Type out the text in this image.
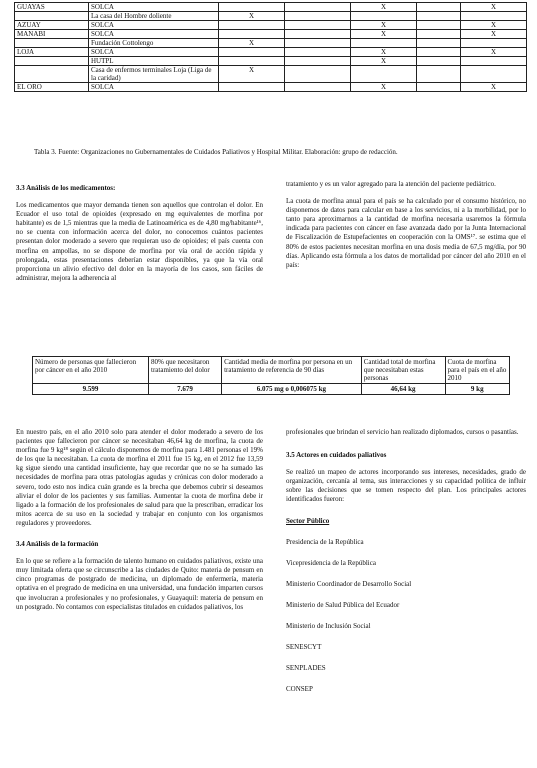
GUAYAS	SOLCA			X		X
	La casa del Hombre doliente	X				
AZUAY	SOLCA			X		X
MANABI	SOLCA			X		X
	Fundación Cottolengo	X				
LOJA	SOLCA			X		X
	HUTPL			X		
	Casa de enfermos terminales Loja (Liga de la caridad)	X				
EL ORO	SOLCA			X		X

Tabla 3. Fuente: Organizaciones no Gubernamentales de Cuidados Paliativos y Hospital Militar. Elaboración: grupo de redacción.

3.3 Análisis de los medicamentos:

Los medicamentos que mayor demanda tienen son aquellos que controlan el dolor. En Ecuador el uso total de opioides (expresado en mg equivalentes de morfina por habitante) es de 1,5 mientras que la media de Latinoamérica es de 4,80 mg/habitante¹⁶, no se cuenta con información acerca del dolor, no conocemos cuántos pacientes presentan dolor moderado a severo que requieran uso de opioides; el país cuenta con morfina en ampollas, no se dispone de morfina por vía oral de acción rápida y prolongada, estas presentaciones deberían estar disponibles, ya que la vía oral proporciona un alivio efectivo del dolor en la mayoría de los casos, son fáciles de administrar, mejora la adherencia al

tratamiento y es un valor agregado para la atención del paciente pediátrico.

La cuota de morfina anual para el país se ha calculado por el consumo histórico, no disponemos de datos para calcular en base a los servicios, ni a la morbilidad, por lo tanto para aproximarnos a la cantidad de morfina necesaria usaremos la fórmula indicada para pacientes con cáncer en fase avanzada dado por la Junta Internacional de Fiscalización de Estupefacientes en cooperación con la OMS¹⁷. se estima que el 80% de estos pacientes necesitan morfina en una dosis media de 67,5 mg/día, por 90 días. Aplicando esta fórmula a los datos de mortalidad por cáncer del año 2010 en el país:

Número de personas que fallecieron por cáncer en el año 2010	80% que necesitaron tratamiento del dolor	Cantidad media de morfina por persona en un tratamiento de referencia de 90 días	Cantidad total de morfina que necesitaban estas personas	Cuota de morfina para el país en el año 2010
9.599	7.679	6.075 mg o 0,006075 kg	46,64 kg	9 kg

En nuestro país, en el año 2010 solo para atender el dolor moderado a severo de los pacientes que fallecieron por cáncer se necesitaban 46,64 kg de morfina, la cuota de morfina fue 9 kg¹⁸ según el cálculo disponemos de morfina para 1.481 personas el 19% de los que la necesitaban. La cuota de morfina el 2011 fue 15 kg, en el 2012 fue 13,59 kg sigue siendo una cantidad insuficiente, hay que recordar que no se ha sumado las necesidades de morfina para otras patologías agudas y crónicas con dolor moderado a severo, todo esto nos indica cuán grande es la brecha que debemos cubrir si deseamos aliviar el dolor de los pacientes y sus familias. Aumentar la cuota de morfina debe ir ligado a la formación de los profesionales de salud para que la prescriban, erradicar los mitos acerca de su uso en la sociedad y trabajar en conjunto con los organismos reguladores y proveedores.

3.4 Análisis de la formación

En lo que se refiere a la formación de talento humano en cuidados paliativos, existe una muy limitada oferta que se circunscribe a las ciudades de Quito: materia de pensum en cinco programas de postgrado de medicina, un diplomado de enfermería, materia optativa en el pregrado de medicina en una universidad, una fundación imparten cursos que involucran a profesionales y no profesionales, y Guayaquil: materia de pensum en un postgrado. No contamos con especialistas titulados en cuidados paliativos, los

profesionales que brindan el servicio han realizado diplomados, cursos o pasantías.

3.5 Actores en cuidados paliativos

Se realizó un mapeo de actores incorporando sus intereses, necesidades, grado de organización, cercanía al tema, sus interacciones y su capacidad política de influir sobre las decisiones que se tomen respecto del plan. Los principales actores identificados fueron:

Sector Público

Presidencia de la República

Vicepresidencia de la República

Ministerio Coordinador de Desarrollo Social

Ministerio de Salud Pública del Ecuador

Ministerio de Inclusión Social

SENESCYT

SENPLADES

CONSEP
